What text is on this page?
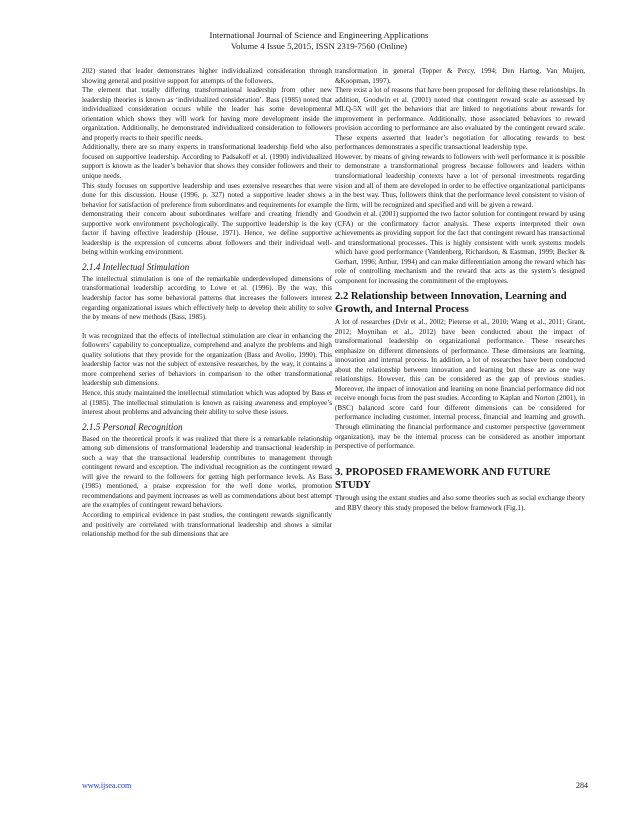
International Journal of Science and Engineering Applications
Volume 4 Issue 5,2015, ISSN 2319-7560 (Online)

202) stated that leader demonstrates higher individualized consideration through showing general and positive support for attempts of the followers.

The element that totally differing transformational leadership from other new leadership theories is known as ‘individualized consideration’. Bass (1985) noted that individualized consideration occurs while the leader has some developmental orientation which shows they will work for having more development inside the organization. Additionally, he demonstrated individualized consideration to followers and properly reacts to their specific needs.

Additionally, there are so many experts in transformational leadership field who also focused on supportive leadership. According to Padsakoff et al. (1990) individualized support is known as the leader’s behavior that shows they consider followers and their unique needs.

This study focuses on supportive leadership and uses extensive researches that were done for this discussion. House (1996, p. 327) noted a supportive leader shows a behavior for satisfaction of preference from subordinates and requirements for example demonstrating their concern about subordinates welfare and creating friendly and supportive work environment psychologically. The supportive leadership is the key factor if having effective leadership (House, 1971). Hence, we define supportive leadership is the expression of concerns about followers and their individual well- being within working environment.

2.1.4 Intellectual Stimulation

The intellectual stimulation is one of the remarkable underdeveloped dimensions of transformational leadership according to Lowe et al. (1996). By the way, this leadership factor has some behavioral patterns that increases the followers interest regarding organizational issues which effectively help to develop their ability to solve the by means of new methods (Bass, 1985).

It was recognized that the effects of intellectual stimulation are clear in enhancing the followers’ capability to conceptualize, comprehend and analyze the problems and high quality solutions that they provide for the organization (Bass and Avolio, 1990). This leadership factor was not the subject of extensive researches, by the way, it contains a more comprehend series of behaviors in comparison to the other transformational leadership sub dimensions.

Hence, this study maintained the intellectual stimulation which was adopted by Bass et al (1985). The intellectual stimulation is known as raising awareness and employee’s interest about problems and advancing their ability to solve these issues.

2.1.5 Personal Recognition

Based on the theoretical proofs it was realized that there is a remarkable relationship among sub dimensions of transformational leadership and transactional leadership in such a way that the transactional leadership contributes to management through contingent reward and exception. The individual recognition as the contingent reward will give the reward to the followers for getting high performance levels. As Bass (1985) mentioned, a praise expression for the well done works, promotion recommendations and payment increases as well as commendations about best attempt are the examples of contingent reward behaviors.

According to empirical evidence in past studies, the contingent rewards significantly and positively are correlated with transformational leadership and shows a similar relationship method for the sub dimensions that are

transformation in general (Tepper & Percy, 1994; Den Hartog, Van Muijen, &Koopman, 1997).

There exist a lot of reasons that have been proposed for defining these relationships. In addition, Goodwin et al. (2001) noted that contingent reward scale as assessed by MLQ-5X will get the behaviors that are linked to negotiations about rewards for improvement in performance. Additionally, those associated behaviors to reward provision according to performance are also evaluated by the contingent reward scale. These experts asserted that leader’s negotiation for allocating rewards to best performances demonstrates a specific transactional leadership type.

However, by means of giving rewards to followers with well performance it is possible to demonstrate a transformational progress because followers and leaders within transformational leadership contexts have a lot of personal investments regarding vision and all of them are developed in order to be effective organizational participants in the best way. Thus, followers think that the performance level consistent to vision of the firm, will be recognized and specified and will be given a reward.

Goodwin et al. (2001) supported the two factor solution for contingent reward by using (CFA) or the confirmatory factor analysis. These experts interpreted their own achievements as providing support for the fact that contingent reward has transactional and transformational processes. This is highly consistent with work systems models which have good performance (Vandenberg, Richardson, & Eastman, 1999; Becker & Gerhart, 1996; Arthur, 1994) and can make differentiation among the reward which has role of controlling mechanism and the reward that acts as the system’s designed component for increasing the commitment of the employees.

2.2 Relationship between Innovation, Learning and Growth, and Internal Process

A lot of researches (Dvir et al., 2002; Pieterse et al., 2010; Wang et al., 2011; Grant, 2012; Moynihan et al., 2012) have been conducted about the impact of transformational leadership on organizational performance. These researches emphasize on different dimensions of performance. These dimensions are learning, innovation and internal process. In addition, a lot of researches have been conducted about the relationship between innovation and learning but these are as one way relationships. However, this can be considered as the gap of previous studies. Moreover, the impact of innovation and learning on none financial performance did not receive enough focus from the past studies. According to Kaplan and Norton (2001), in (BSC) balanced score card four different dimensions can be considered for performance including customer, internal process, financial and learning and growth. Through eliminating the financial performance and customer perspective (government organization), may be the internal process can be considered as another important perspective of performance.

3. PROPOSED FRAMEWORK AND FUTURE STUDY

Through using the extant studies and also some theories such as social exchange theory and RBV theory this study proposed the below framework (Fig.1).

www.ijsea.com	284
